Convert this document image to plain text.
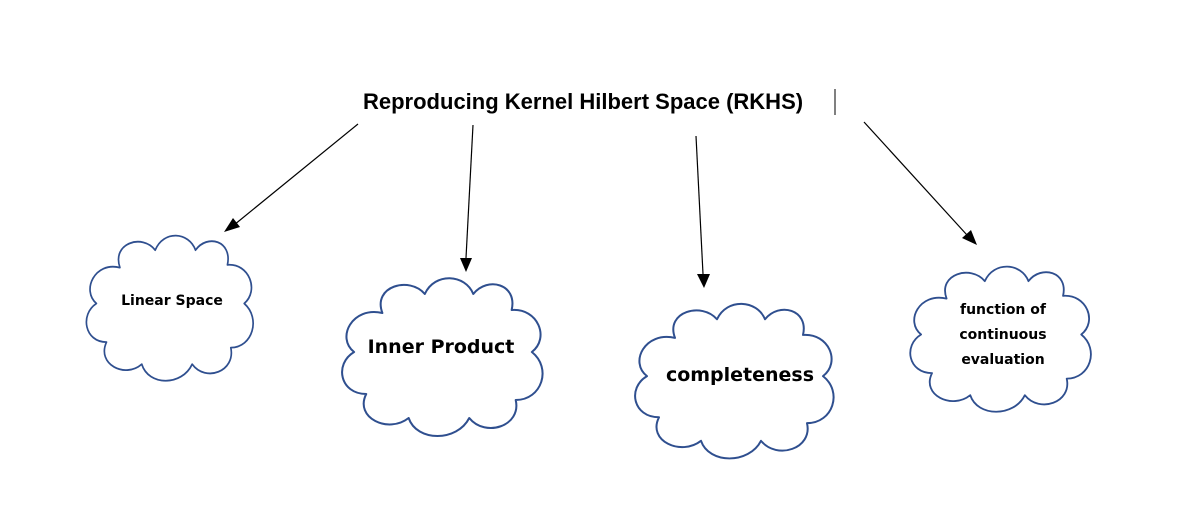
Reproducing Kernel Hilbert Space (RKHS)
Linear Space
Inner Product
completeness
function of
continuous
evaluation
